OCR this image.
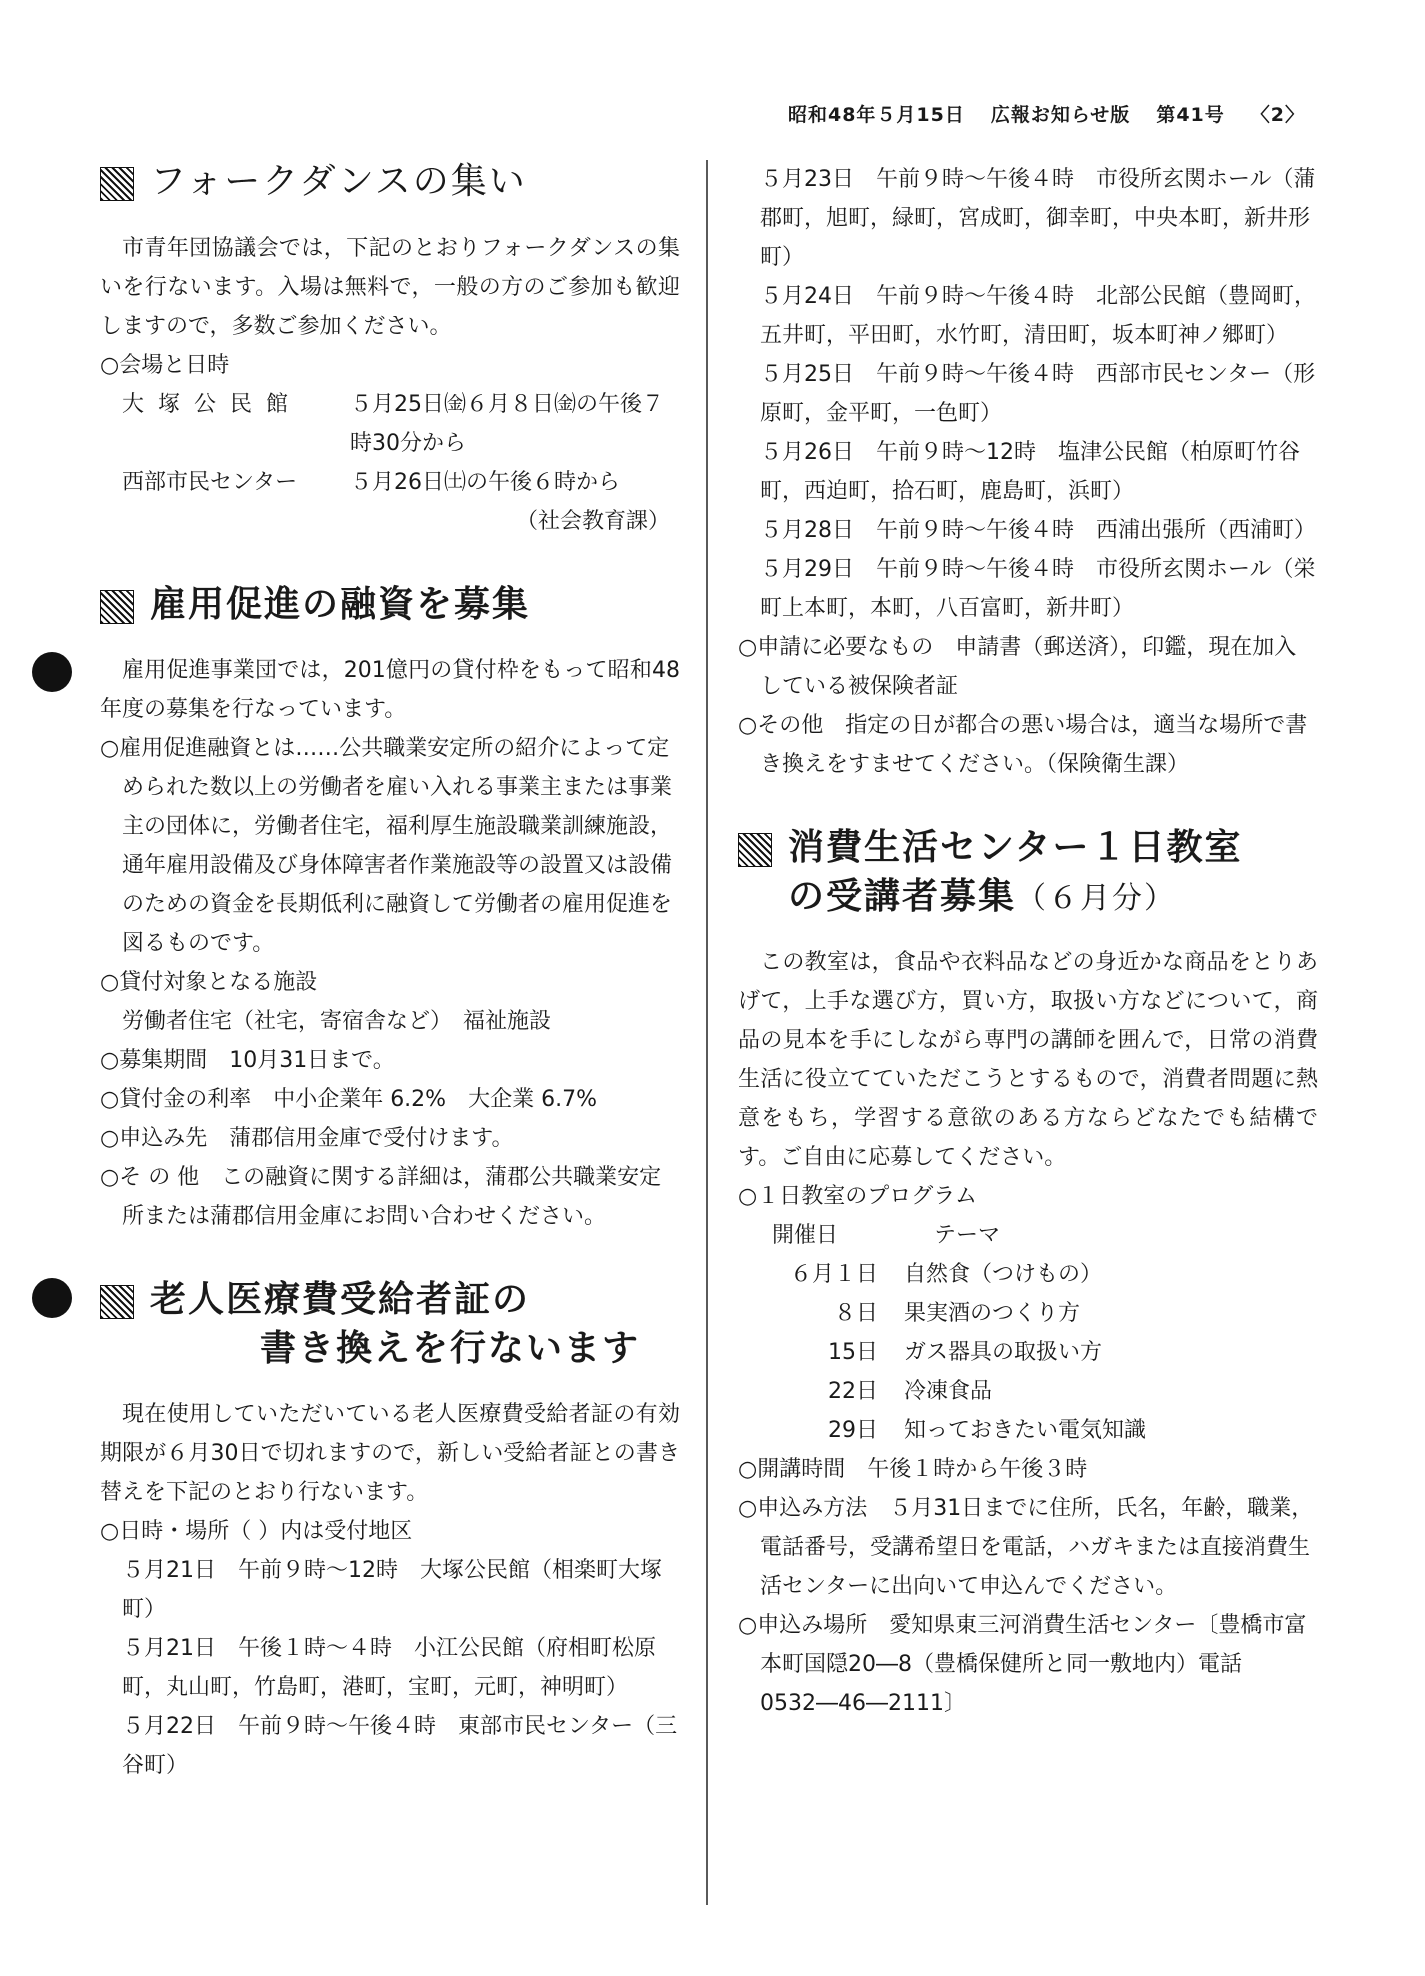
昭和48年５月15日 広報お知らせ版 第41号 〈2〉
フォークダンスの集い

市青年団協議会では，下記のとおりフォークダンスの集いを行ないます。入場は無料で，一般の方のご参加も歓迎しますので，多数ご参加ください。

○会場と日時

大塚公民館	５月25日㈮６月８日㈮の午後７時30分から
西部市民センター	５月26日㈯の午後６時から

（社会教育課）

雇用促進の融資を募集

雇用促進事業団では，201億円の貸付枠をもって昭和48年度の募集を行なっています。

○雇用促進融資とは……公共職業安定所の紹介によって定められた数以上の労働者を雇い入れる事業主または事業主の団体に，労働者住宅，福利厚生施設職業訓練施設，通年雇用設備及び身体障害者作業施設等の設置又は設備のための資金を長期低利に融資して労働者の雇用促進を図るものです。

○貸付対象となる施設

労働者住宅（社宅，寄宿舎など）　福祉施設

○募集期間　10月31日まで。

○貸付金の利率　中小企業年 6.2%　大企業 6.7%

○申込み先　蒲郡信用金庫で受付けます。

○そ の 他　この融資に関する詳細は，蒲郡公共職業安定所または蒲郡信用金庫にお問い合わせください。

老人医療費受給者証の
書き換えを行ないます

現在使用していただいている老人医療費受給者証の有効期限が６月30日で切れますので，新しい受給者証との書き替えを下記のとおり行ないます。

○日時・場所（ ）内は受付地区

５月21日　午前９時～12時　大塚公民館（相楽町大塚町）

５月21日　午後１時～４時　小江公民館（府相町松原町，丸山町，竹島町，港町，宝町，元町，神明町）

５月22日　午前９時～午後４時　東部市民センター（三谷町）

５月23日　午前９時～午後４時　市役所玄関ホール（蒲郡町，旭町，緑町，宮成町，御幸町，中央本町，新井形町）

５月24日　午前９時～午後４時　北部公民館（豊岡町，五井町，平田町，水竹町，清田町，坂本町神ノ郷町）

５月25日　午前９時～午後４時　西部市民センター（形原町，金平町，一色町）

５月26日　午前９時～12時　塩津公民館（柏原町竹谷町，西迫町，拾石町，鹿島町，浜町）

５月28日　午前９時～午後４時　西浦出張所（西浦町）

５月29日　午前９時～午後４時　市役所玄関ホール（栄町上本町，本町，八百富町，新井町）

○申請に必要なもの　申請書（郵送済），印鑑，現在加入している被保険者証

○その他　指定の日が都合の悪い場合は，適当な場所で書き換えをすませてください。（保険衛生課）

消費生活センター１日教室
の受講者募集（６月分）

この教室は，食品や衣料品などの身近かな商品をとりあげて，上手な選び方，買い方，取扱い方などについて，商品の見本を手にしながら専門の講師を囲んで，日常の消費生活に役立てていただこうとするもので，消費者問題に熱意をもち，学習する意欲のある方ならどなたでも結構です。ご自由に応募してください。

○１日教室のプログラム

開催日	テーマ
６月１日	自然食（つけもの）
８日	果実酒のつくり方
15日	ガス器具の取扱い方
22日	冷凍食品
29日	知っておきたい電気知識

○開講時間　午後１時から午後３時

○申込み方法　５月31日までに住所，氏名，年齢，職業，電話番号，受講希望日を電話，ハガキまたは直接消費生活センターに出向いて申込んでください。

○申込み場所　愛知県東三河消費生活センター〔豊橋市富本町国隠20―8（豊橋保健所と同一敷地内）電話0532―46―2111〕
